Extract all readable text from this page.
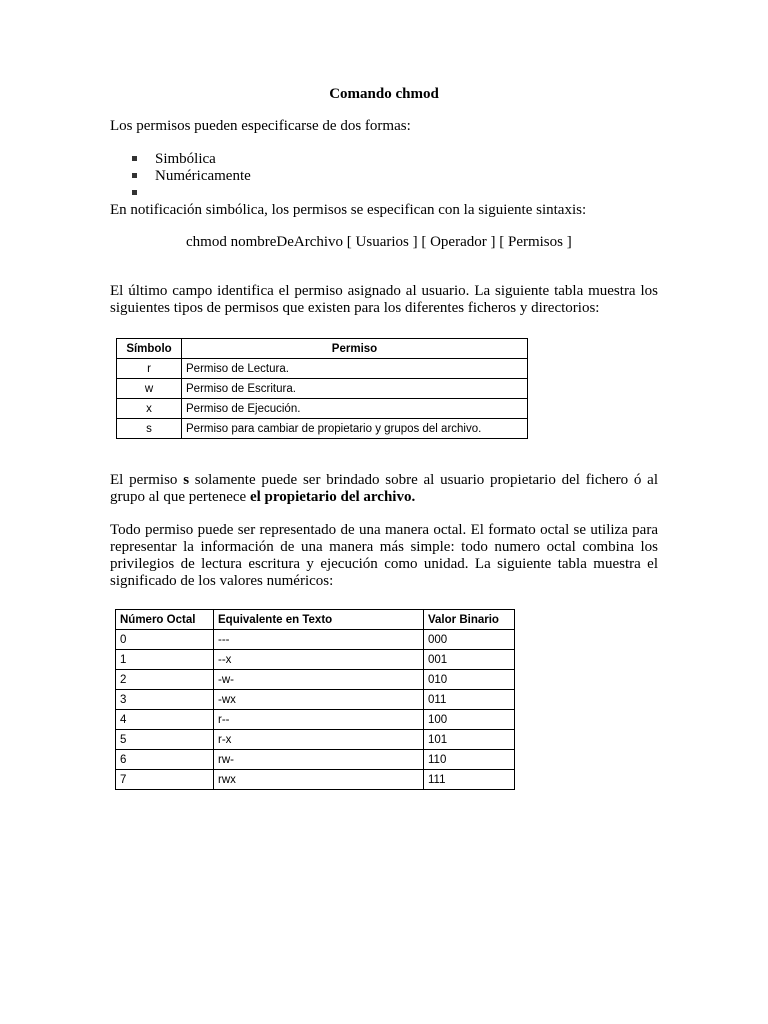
Comando chmod
Los permisos pueden especificarse de dos formas:
Simbólica
Numéricamente
En notificación simbólica, los permisos se especifican con la siguiente sintaxis:
chmod nombreDeArchivo [ Usuarios ] [ Operador ] [ Permisos ]
El último campo identifica el permiso asignado al usuario. La siguiente tabla muestra los siguientes tipos de permisos que existen para los diferentes ficheros y directorios:
Símbolo	Permiso
r	Permiso de Lectura.
w	Permiso de Escritura.
x	Permiso de Ejecución.
s	Permiso para cambiar de propietario y grupos del archivo.
El permiso s solamente puede ser brindado sobre al usuario propietario del fichero ó al grupo al que pertenece el propietario del archivo.
Todo permiso puede ser representado de una manera octal. El formato octal se utiliza para representar la información de una manera más simple: todo numero octal combina los privilegios de lectura escritura y ejecución como unidad. La siguiente tabla muestra el significado de los valores numéricos:
Número Octal	Equivalente en Texto	Valor Binario
0	---	000
1	--x	001
2	-w-	010
3	-wx	011
4	r--	100
5	r-x	101
6	rw-	110
7	rwx	111
